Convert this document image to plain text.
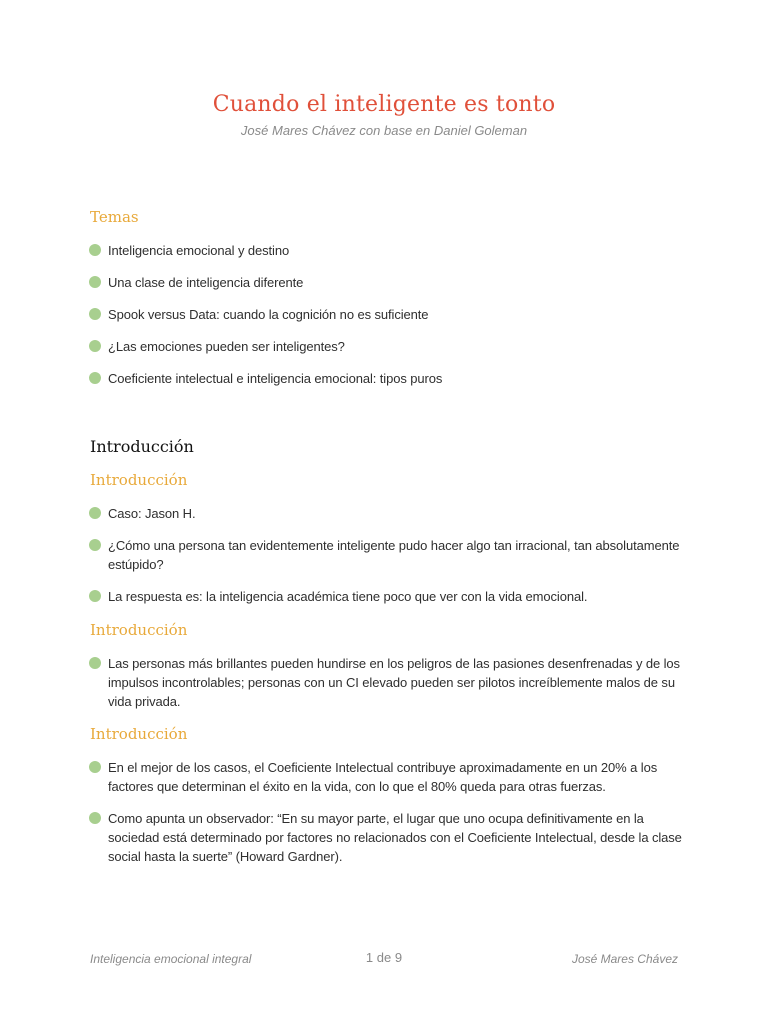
Cuando el inteligente es tonto

José Mares Chávez con base en Daniel Goleman

Temas
Inteligencia emocional y destino
Una clase de inteligencia diferente
Spook versus Data: cuando la cognición no es suficiente
¿Las emociones pueden ser inteligentes?
Coeficiente intelectual e inteligencia emocional: tipos puros
Introducción
Introducción
Caso: Jason H.
¿Cómo una persona tan evidentemente inteligente pudo hacer algo tan irracional, tan absolutamente estúpido?
La respuesta es: la inteligencia académica tiene poco que ver con la vida emocional.
Introducción
Las personas más brillantes pueden hundirse en los peligros de las pasiones desenfrenadas y de los impulsos incontrolables; personas con un CI elevado pueden ser pilotos increíblemente malos de su vida privada.
Introducción
En el mejor de los casos, el Coeficiente Intelectual contribuye aproximadamente en un 20% a los factores que determinan el éxito en la vida, con lo que el 80% queda para otras fuerzas.
Como apunta un observador: “En su mayor parte, el lugar que uno ocupa definitivamente en la sociedad está determinado por factores no relacionados con el Coeficiente Intelectual, desde la clase social hasta la suerte” (Howard Gardner).
Inteligencia emocional integral	1 de 9	José Mares Chávez
